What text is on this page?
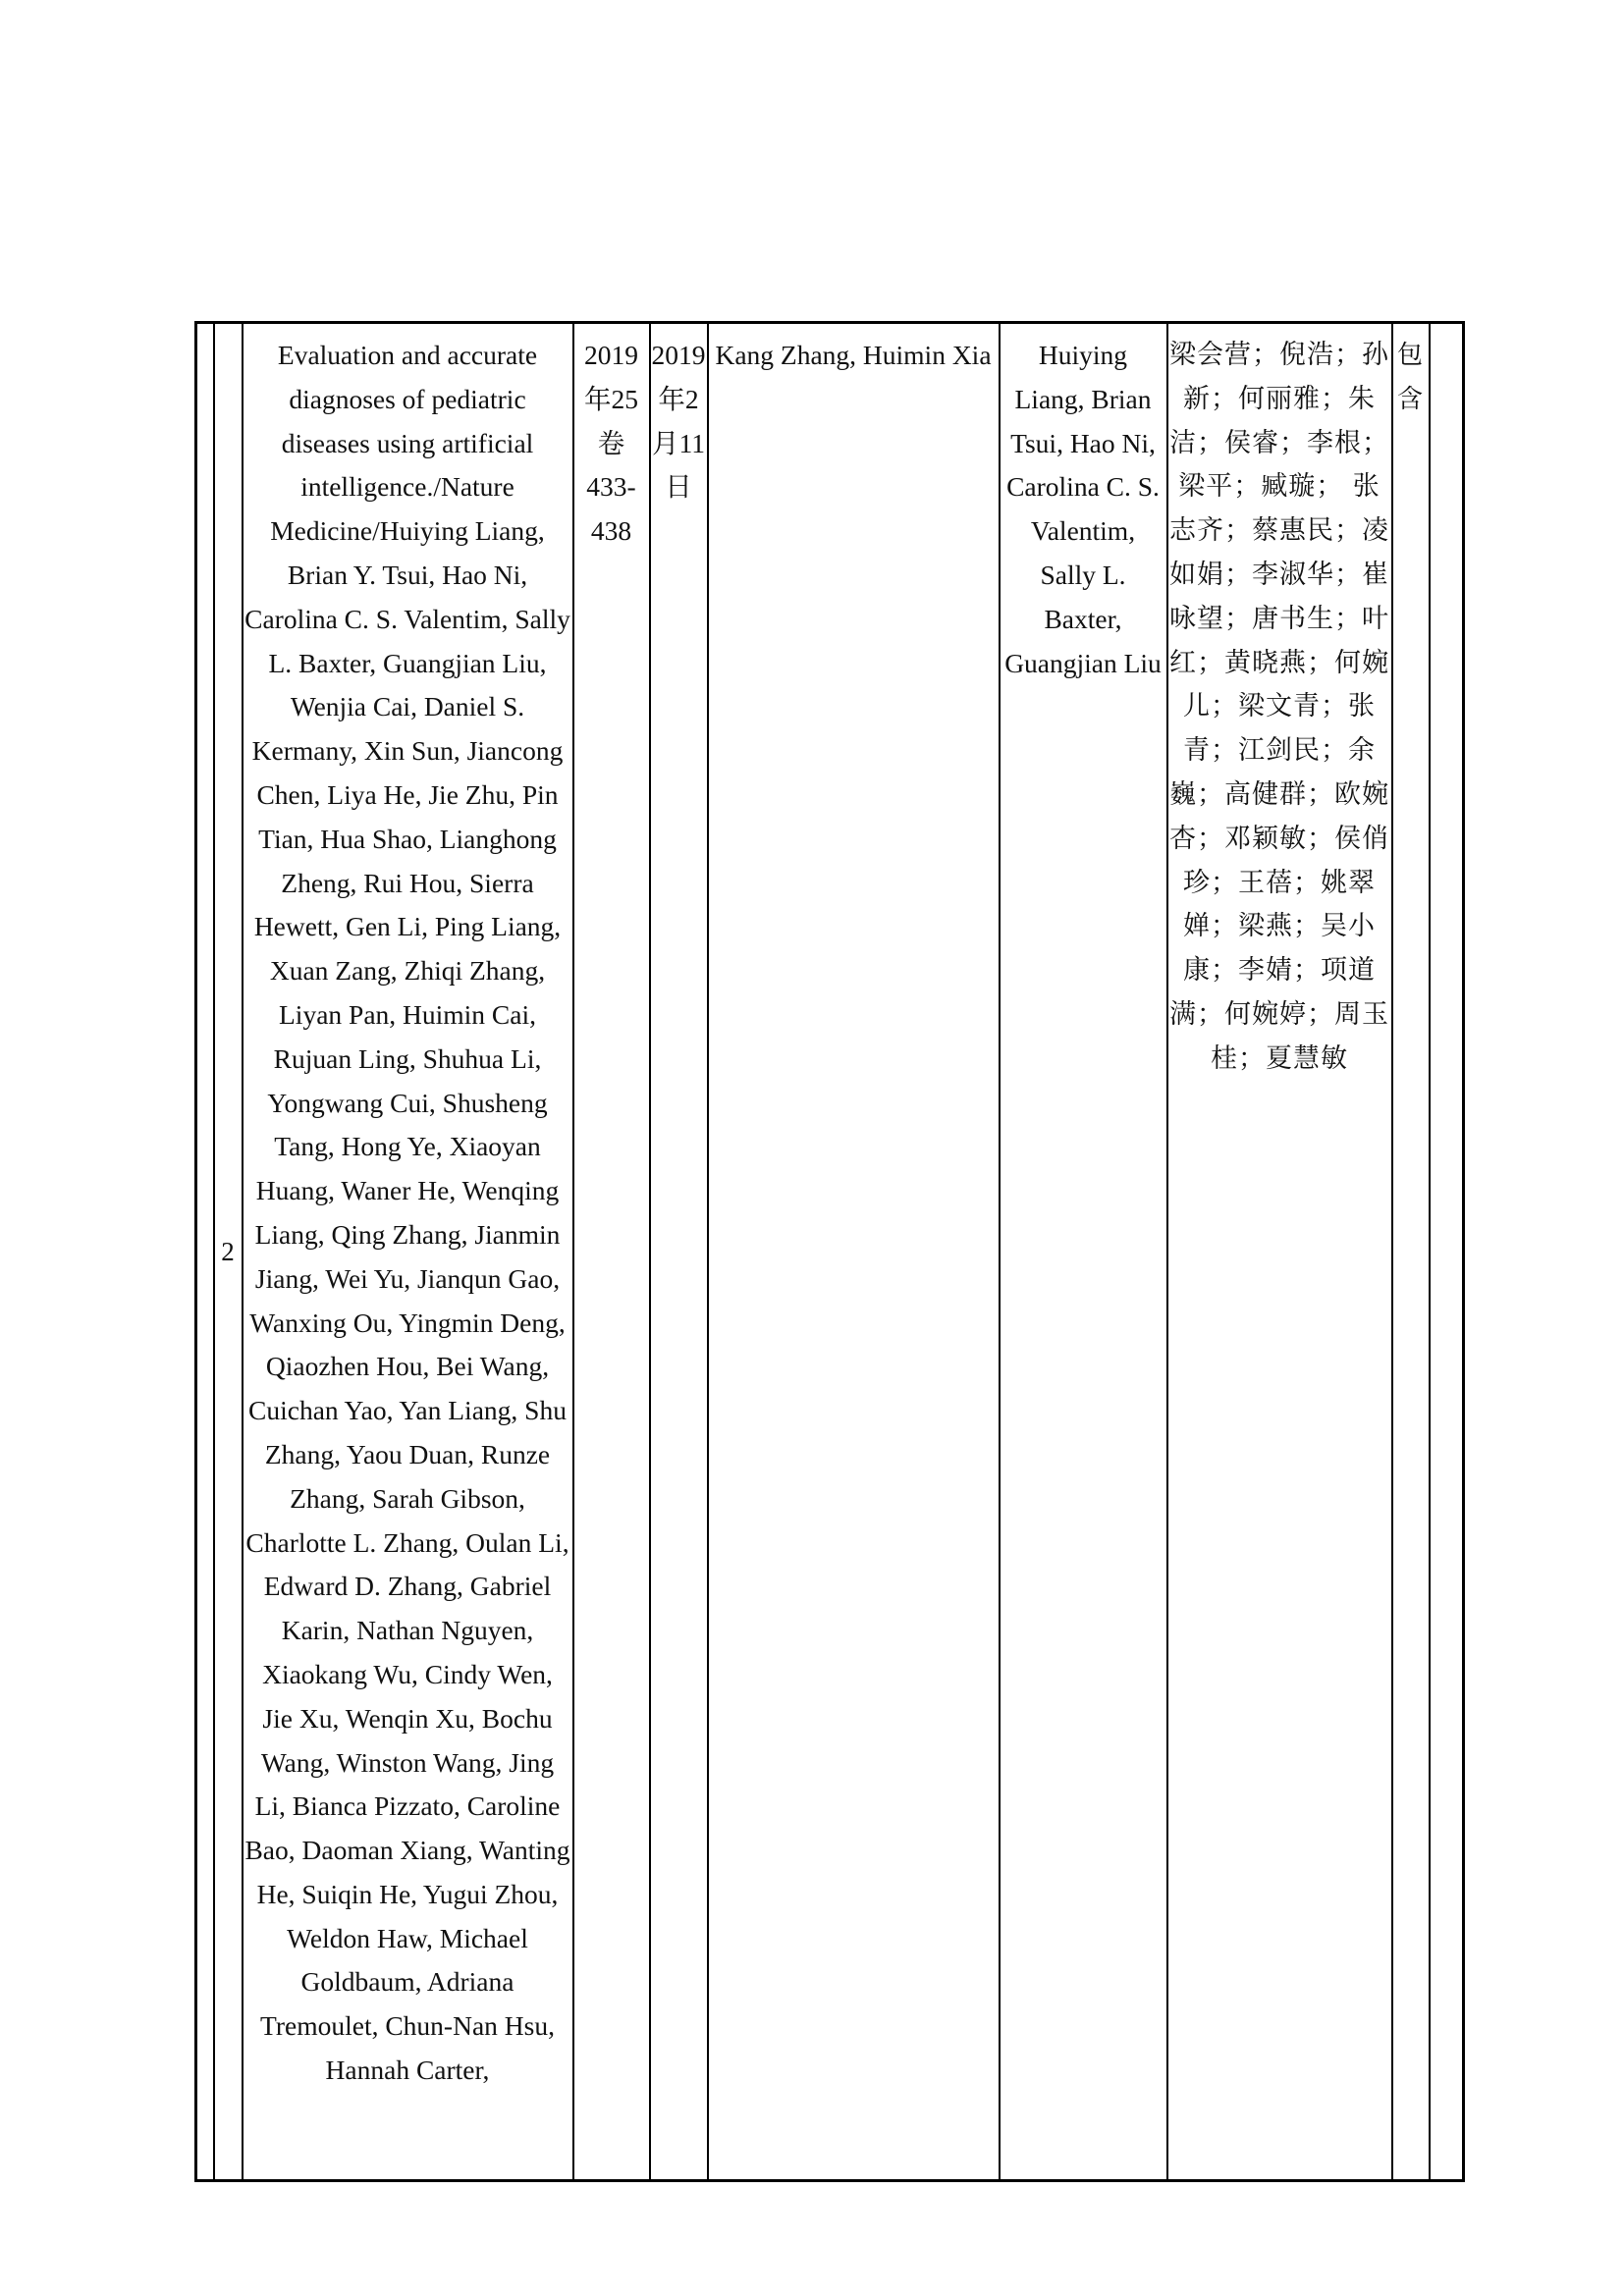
	2	Evaluation and accurate diagnoses of pediatric diseases using artificial intelligence./Nature Medicine/Huiying Liang, Brian Y. Tsui, Hao Ni, Carolina C. S. Valentim, Sally L. Baxter, Guangjian Liu, Wenjia Cai, Daniel S. Kermany, Xin Sun, Jiancong Chen, Liya He, Jie Zhu, Pin Tian, Hua Shao, Lianghong Zheng, Rui Hou, Sierra Hewett, Gen Li, Ping Liang, Xuan Zang, Zhiqi Zhang, Liyan Pan, Huimin Cai, Rujuan Ling, Shuhua Li, Yongwang Cui, Shusheng Tang, Hong Ye, Xiaoyan Huang, Waner He, Wenqing Liang, Qing Zhang, Jianmin Jiang, Wei Yu, Jianqun Gao, Wanxing Ou, Yingmin Deng, Qiaozhen Hou, Bei Wang, Cuichan Yao, Yan Liang, Shu Zhang, Yaou Duan, Runze Zhang, Sarah Gibson, Charlotte L. Zhang, Oulan Li, Edward D. Zhang, Gabriel Karin, Nathan Nguyen, Xiaokang Wu, Cindy Wen, Jie Xu, Wenqin Xu, Bochu Wang, Winston Wang, Jing Li, Bianca Pizzato, Caroline Bao, Daoman Xiang, Wanting He, Suiqin He, Yugui Zhou, Weldon Haw, Michael Goldbaum, Adriana Tremoulet, Chun-Nan Hsu, Hannah Carter,	2019年25卷433-438	2019年2月11日	Kang Zhang, Huimin Xia	Huiying Liang, Brian Tsui, Hao Ni, Carolina C. S. Valentim, Sally L. Baxter, Guangjian Liu	梁会营；倪浩；孙新；何丽雅；朱洁；侯睿；李根；梁平；臧璇； 张志齐；蔡惠民；凌如娟；李淑华；崔咏望；唐书生；叶红；黄晓燕；何婉儿；梁文青；张青；江剑民；余巍；高健群；欧婉杏；邓颖敏；侯俏珍；王蓓；姚翠婵；梁燕；吴小康；李婧；项道满；何婉婷；周玉桂；夏慧敏	包含	
